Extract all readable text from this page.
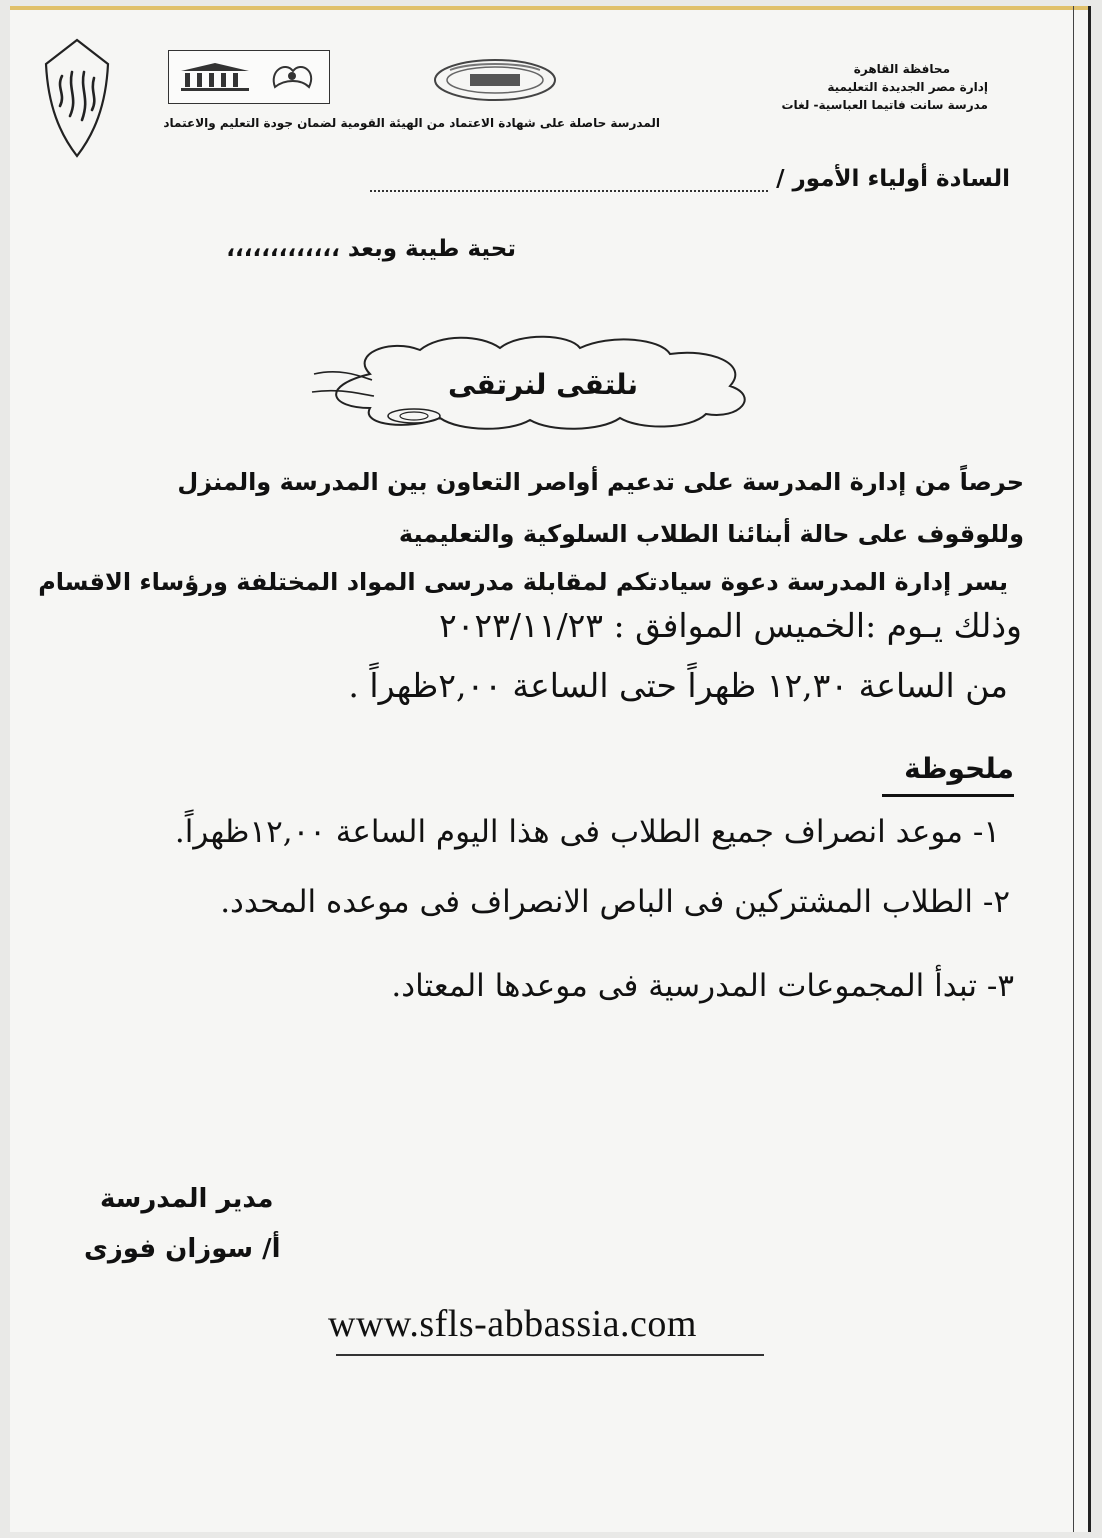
محافظة القاهرة
إدارة مصر الجديدة التعليمية
مدرسة سانت فاتيما العباسية- لغات
المدرسة حاصلة على شهادة الاعتماد من الهيئة القومية لضمان جودة التعليم والاعتماد
السادة أولياء الأمور /
تحية طيبة وبعد ،،،،،،،،،،،،،
نلتقى لنرتقى
حرصاً من إدارة المدرسة على تدعيم أواصر التعاون بين المدرسة والمنزل
وللوقوف على حالة أبنائنا الطلاب السلوكية والتعليمية
يسر إدارة المدرسة دعوة سيادتكم لمقابلة مدرسى المواد المختلفة ورؤساء الاقسام
وذلك يـوم :الخميس الموافق : ٢٠٢٣/١١/٢٣
من الساعة ١٢,٣٠ ظهراً حتى الساعة ٢,٠٠ظهراً .
ملحوظة
١- موعد انصراف جميع الطلاب فى هذا اليوم الساعة ١٢,٠٠ظهراً.
٢- الطلاب المشتركين فى الباص الانصراف فى موعده المحدد.
٣- تبدأ المجموعات المدرسية فى موعدها المعتاد.
مدير المدرسة
أ/ سوزان فوزى
www.sfls-abbassia.com
